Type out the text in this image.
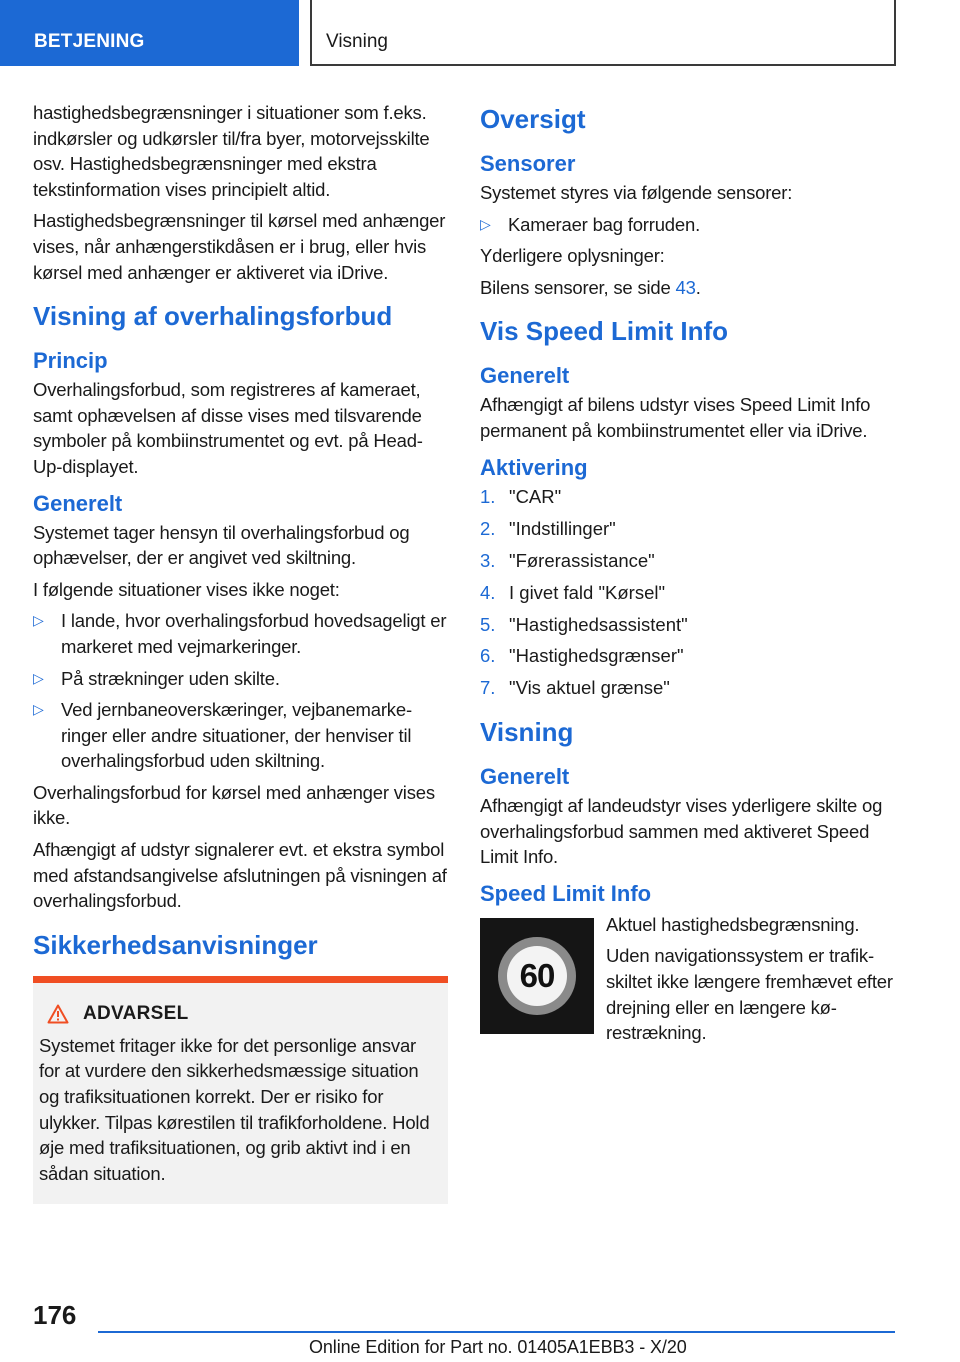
BETJENING	Visning

hastighedsbegrænsninger i situationer som f.eks. indkørsler og udkørsler til/fra byer, motorvejsskilte osv. Hastighedsbegrænsninger med ekstra tekstinformation vises principielt altid.

Hastighedsbegrænsninger til kørsel med anhænger vises, når anhængerstikdåsen er i brug, eller hvis kørsel med anhænger er aktiveret via iDrive.

Visning af overhalingsforbud
Princip

Overhalingsforbud, som registreres af kameraet, samt ophævelsen af disse vises med tilsvarende symboler på kombiinstrumentet og evt. på Head-Up-displayet.

Generelt

Systemet tager hensyn til overhalingsforbud og ophævelser, der er angivet ved skiltning.

I følgende situationer vises ikke noget:

▷ I lande, hvor overhalingsforbud hovedsageligt er markeret med vejmarkeringer.
▷ På strækninger uden skilte.
▷ Ved jernbaneoverskæringer, vejbanemarkeringer eller andre situationer, der henviser til overhalingsforbud uden skiltning.

Overhalingsforbud for kørsel med anhænger vises ikke.

Afhængigt af udstyr signalerer evt. et ekstra symbol med afstandsangivelse afslutningen på visningen af overhalingsforbud.

Sikkerhedsanvisninger
ADVARSEL

Systemet fritager ikke for det personlige ansvar for at vurdere den sikkerhedsmæssige situation og trafiksituationen korrekt. Der er risiko for ulykker. Tilpas kørestilen til trafikforholdene. Hold øje med trafiksituationen, og grib aktivt ind i en sådan situation.

Oversigt
Sensorer

Systemet styres via følgende sensorer:

▷ Kameraer bag forruden.

Yderligere oplysninger:

Bilens sensorer, se side 43.

Vis Speed Limit Info
Generelt

Afhængigt af bilens udstyr vises Speed Limit Info permanent på kombiinstrumentet eller via iDrive.

Aktivering
1. "CAR"
2. "Indstillinger"
3. "Førerassistance"
4. I givet fald "Kørsel"
5. "Hastighedsassistent"
6. "Hastighedsgrænser"
7. "Vis aktuel grænse"
Visning
Generelt

Afhængigt af landeudstyr vises yderligere skilte og overhalingsforbud sammen med aktiveret Speed Limit Info.

Speed Limit Info
60

Aktuel hastighedsbegrænsning.

Uden navigationssystem er trafikskiltet ikke længere fremhævet efter drejning eller en længere kørestrækning.

176
Online Edition for Part no. 01405A1EBB3 - X/20
